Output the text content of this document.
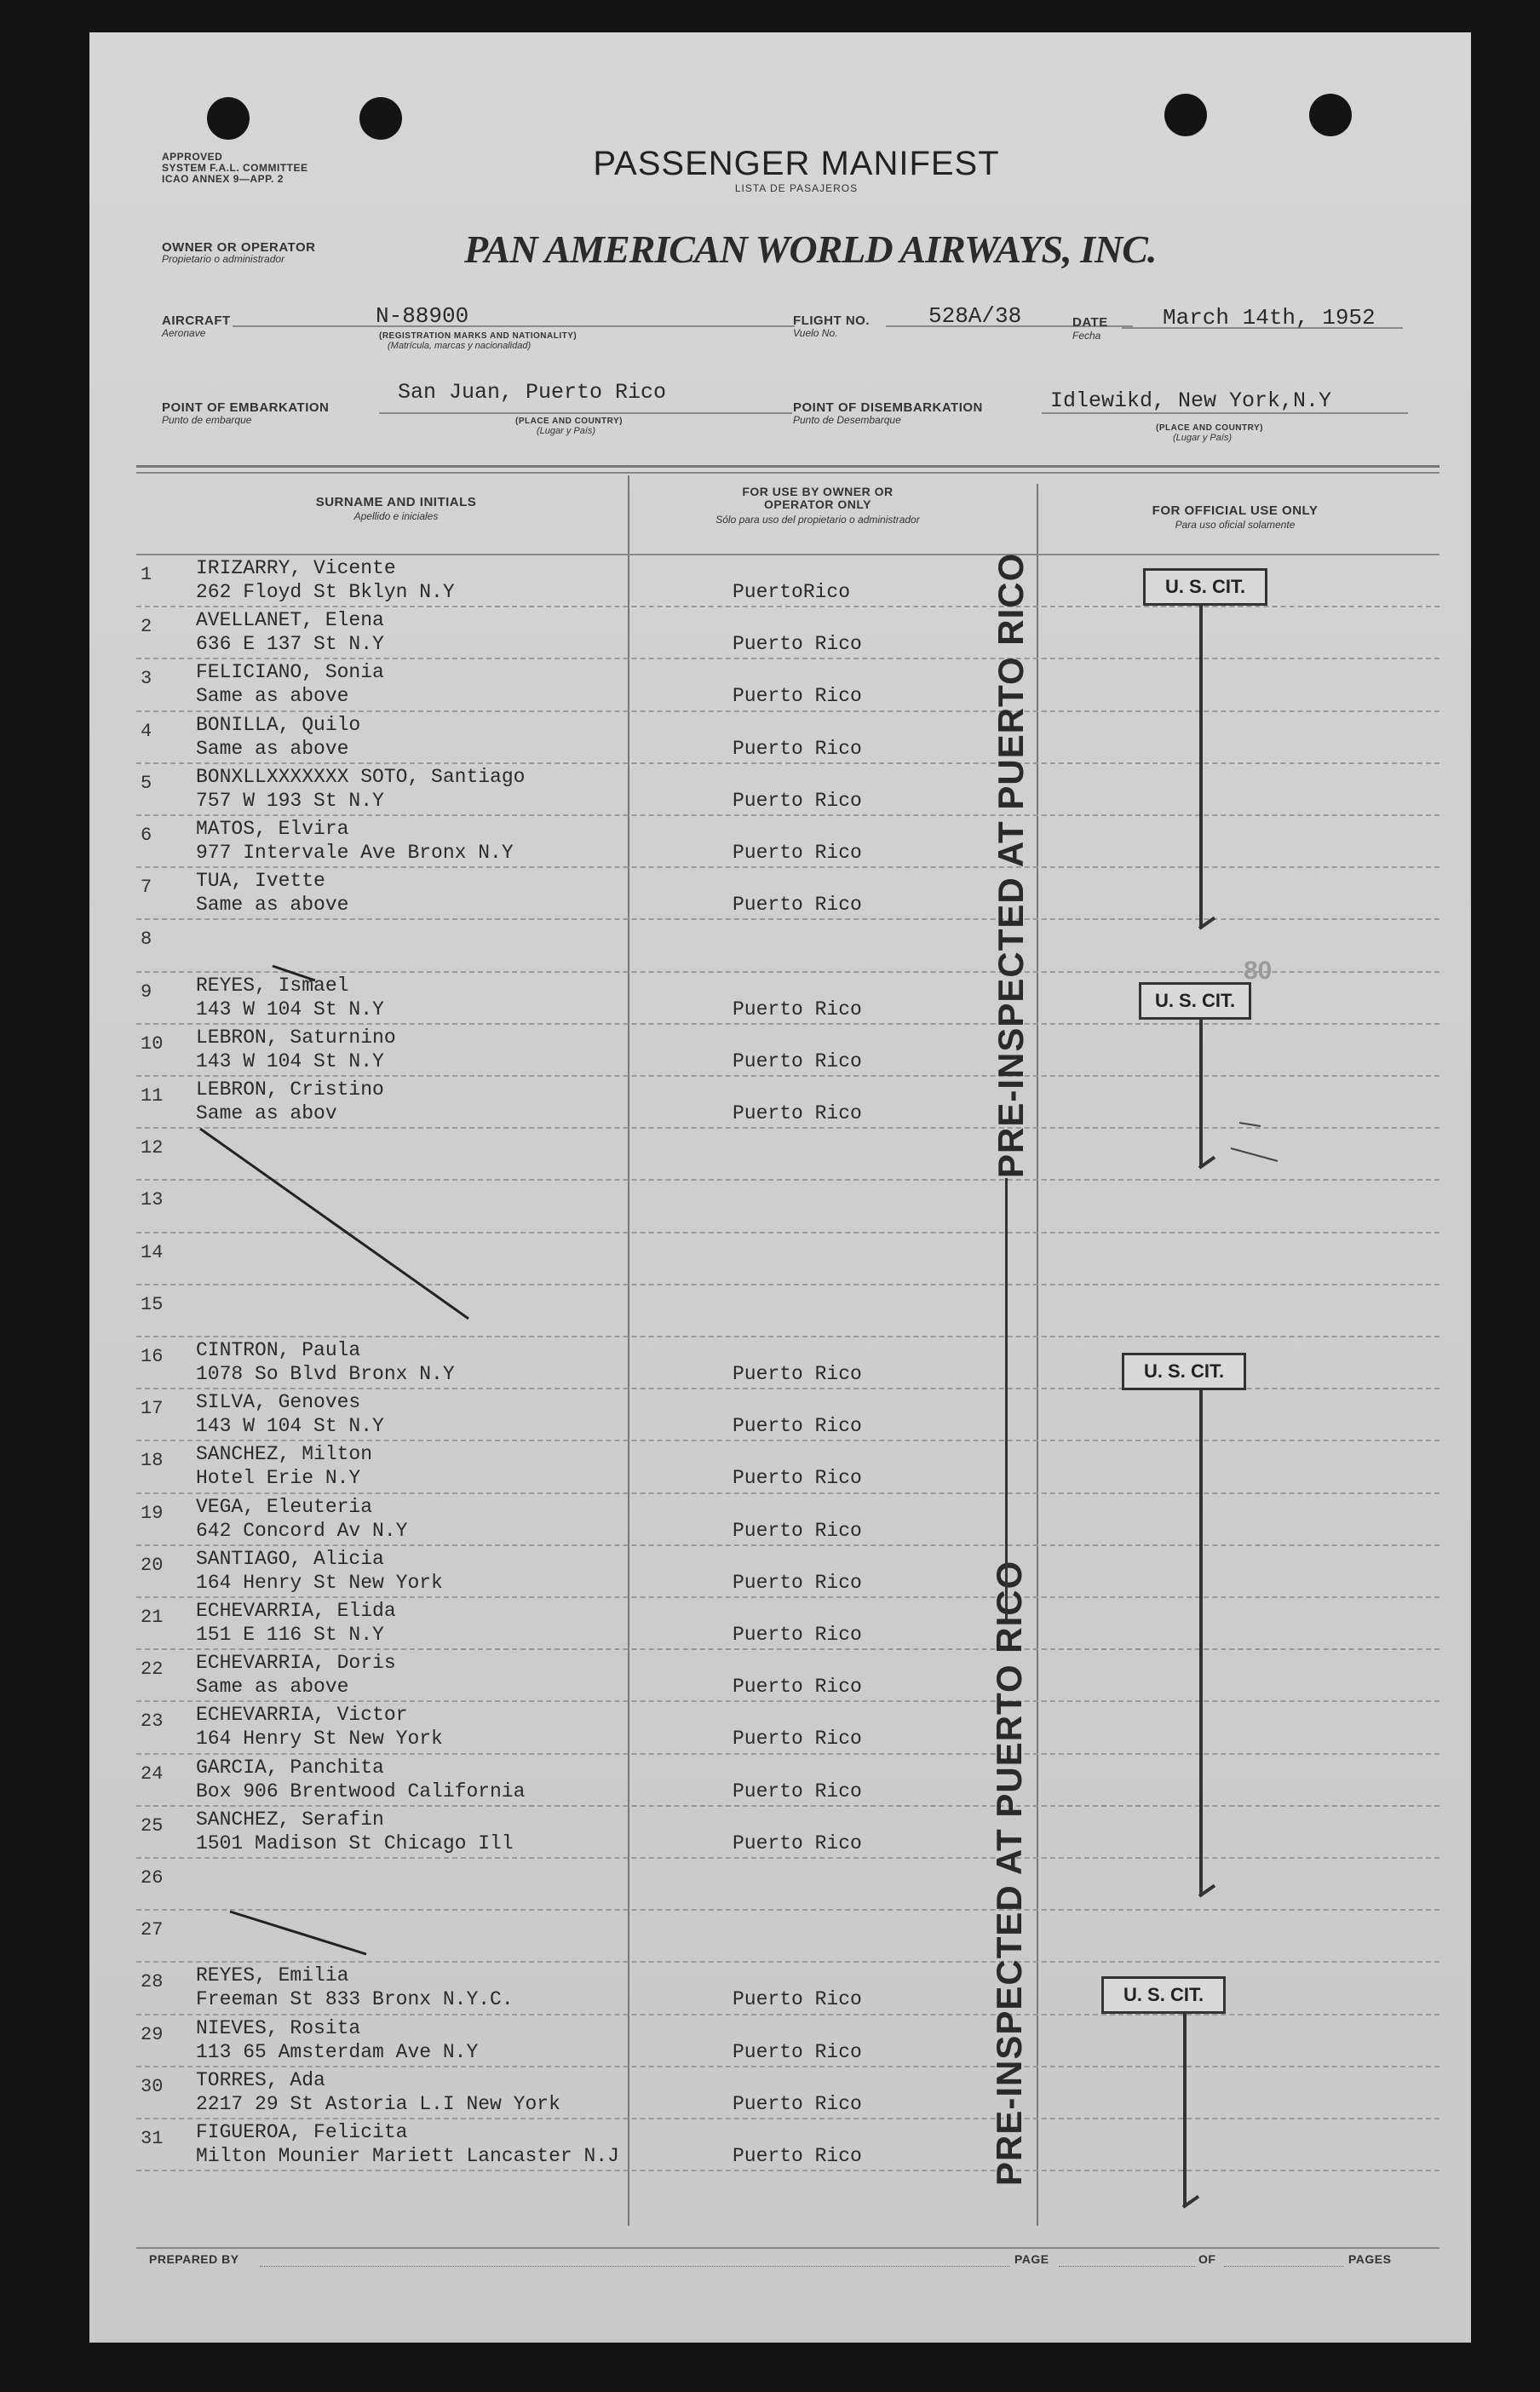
APPROVED
SYSTEM F.A.L. COMMITTEE
ICAO ANNEX 9—APP. 2	PASSENGER MANIFEST
LISTA DE PASAJEROS
OWNER OR OPERATOR
Propietario o administrador	PAN AMERICAN WORLD AIRWAYS, INC.
AIRCRAFT
Aeronave
N-88900
(REGISTRATION MARKS AND NATIONALITY)
(Matrícula, marcas y nacionalidad)
FLIGHT NO.
Vuelo No.
528A/38	DATE
Fecha
March 14th, 1952
POINT OF EMBARKATION
Punto de embarque
San Juan, Puerto Rico
(PLACE AND COUNTRY)
(Lugar y País)
POINT OF DISEMBARKATION
Punto de Desembarque
Idlewikd, New York,N.Y
(PLACE AND COUNTRY)
(Lugar y País)
SURNAME AND INITIALS
Apellido e iniciales
FOR USE BY OWNER OR OPERATOR ONLY
Sólo para uso del propietario o administrador
FOR OFFICIAL USE ONLY
Para uso oficial solamente
1	IRIZARRY, Vicente
262 Floyd St Bklyn N.Y	PuertoRico
2	AVELLANET, Elena
636 E 137 St N.Y	Puerto Rico
3	FELICIANO, Sonia
Same as above	Puerto Rico
4	BONILLA, Quilo
Same as above	Puerto Rico
5	BONXLLXXXXXXX SOTO, Santiago
757 W 193 St N.Y	Puerto Rico
6	MATOS, Elvira
977 Intervale Ave Bronx N.Y	Puerto Rico
7	TUA, Ivette
Same as above	Puerto Rico
8
9	REYES, Ismael
143 W 104 St N.Y	Puerto Rico
10	LEBRON, Saturnino
143 W 104 St N.Y	Puerto Rico
11	LEBRON, Cristino
Same as abov	Puerto Rico
12
13
14
15
16	CINTRON, Paula
1078 So Blvd Bronx N.Y	Puerto Rico
17	SILVA, Genoves
143 W 104 St N.Y	Puerto Rico
18	SANCHEZ, Milton
Hotel Erie N.Y	Puerto Rico
19	VEGA, Eleuteria
642 Concord Av N.Y	Puerto Rico
20	SANTIAGO, Alicia
164 Henry St New York	Puerto Rico
21	ECHEVARRIA, Elida
151 E 116 St N.Y	Puerto Rico
22	ECHEVARRIA, Doris
Same as above	Puerto Rico
23	ECHEVARRIA, Victor
164 Henry St New York	Puerto Rico
24	GARCIA, Panchita
Box 906 Brentwood California	Puerto Rico
25	SANCHEZ, Serafin
1501 Madison St Chicago Ill	Puerto Rico
26
27
28	REYES, Emilia
Freeman St 833 Bronx N.Y.C.	Puerto Rico
29	NIEVES, Rosita
113 65 Amsterdam Ave N.Y	Puerto Rico
30	TORRES, Ada
2217 29 St Astoria L.I New York	Puerto Rico
31	FIGUEROA, Felicita
Milton Mounier Mariett Lancaster N.J	Puerto Rico
PRE-INSPECTED AT PUERTO RICO
PRE-INSPECTED AT PUERTO RICO
U. S. CIT.
U. S. CIT.
80
U. S. CIT.
U. S. CIT.
PREPARED BY	PAGE	OF	PAGES
